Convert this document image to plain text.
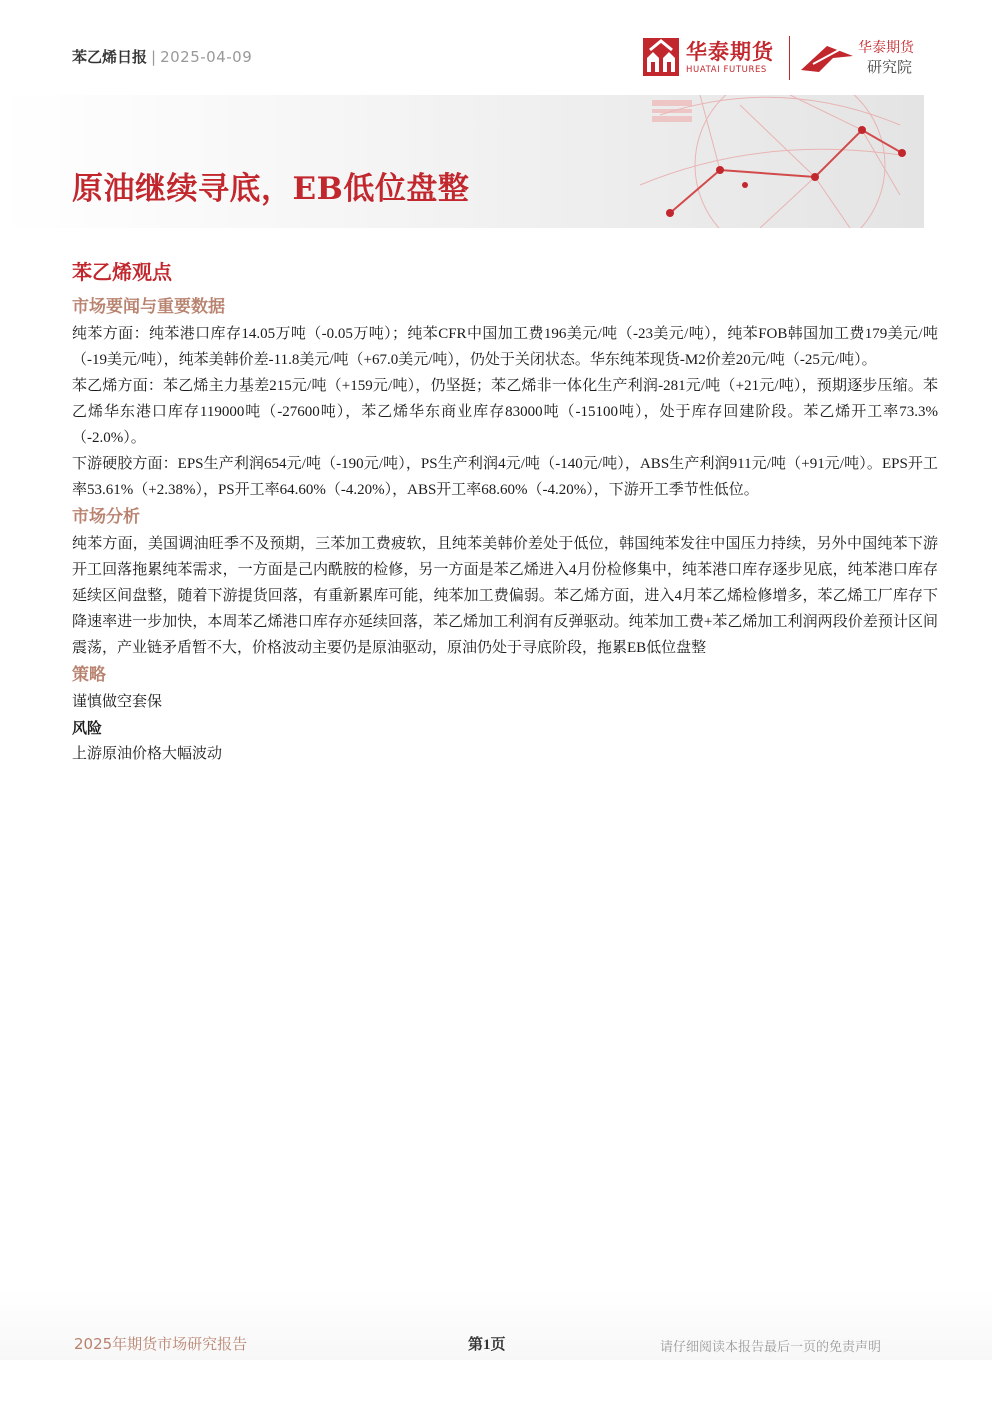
苯乙烯日报 | 2025-04-09	华泰期货
HUATAI FUTURES
华泰期货
研究院
原油继续寻底，EB低位盘整
苯乙烯观点
市场要闻与重要数据

纯苯方面：纯苯港口库存14.05万吨（-0.05万吨）；纯苯CFR中国加工费196美元/吨（-23美元/吨），纯苯FOB韩国加工费179美元/吨（-19美元/吨），纯苯美韩价差-11.8美元/吨（+67.0美元/吨），仍处于关闭状态。华东纯苯现货-M2价差20元/吨（-25元/吨）。

苯乙烯方面：苯乙烯主力基差215元/吨（+159元/吨），仍坚挺；苯乙烯非一体化生产利润-281元/吨（+21元/吨），预期逐步压缩。苯乙烯华东港口库存119000吨（-27600吨），苯乙烯华东商业库存83000吨（-15100吨），处于库存回建阶段。苯乙烯开工率73.3%（-2.0%）。

下游硬胶方面：EPS生产利润654元/吨（-190元/吨），PS生产利润4元/吨（-140元/吨），ABS生产利润911元/吨（+91元/吨）。EPS开工率53.61%（+2.38%），PS开工率64.60%（-4.20%），ABS开工率68.60%（-4.20%），下游开工季节性低位。

市场分析

纯苯方面，美国调油旺季不及预期，三苯加工费疲软，且纯苯美韩价差处于低位，韩国纯苯发往中国压力持续，另外中国纯苯下游开工回落拖累纯苯需求，一方面是己内酰胺的检修，另一方面是苯乙烯进入4月份检修集中，纯苯港口库存逐步见底，纯苯港口库存延续区间盘整，随着下游提货回落，有重新累库可能，纯苯加工费偏弱。苯乙烯方面，进入4月苯乙烯检修增多，苯乙烯工厂库存下降速率进一步加快，本周苯乙烯港口库存亦延续回落，苯乙烯加工利润有反弹驱动。纯苯加工费+苯乙烯加工利润两段价差预计区间震荡，产业链矛盾暂不大，价格波动主要仍是原油驱动，原油仍处于寻底阶段，拖累EB低位盘整

策略

谨慎做空套保

风险

上游原油价格大幅波动

2025年期货市场研究报告	第1页	请仔细阅读本报告最后一页的免责声明
